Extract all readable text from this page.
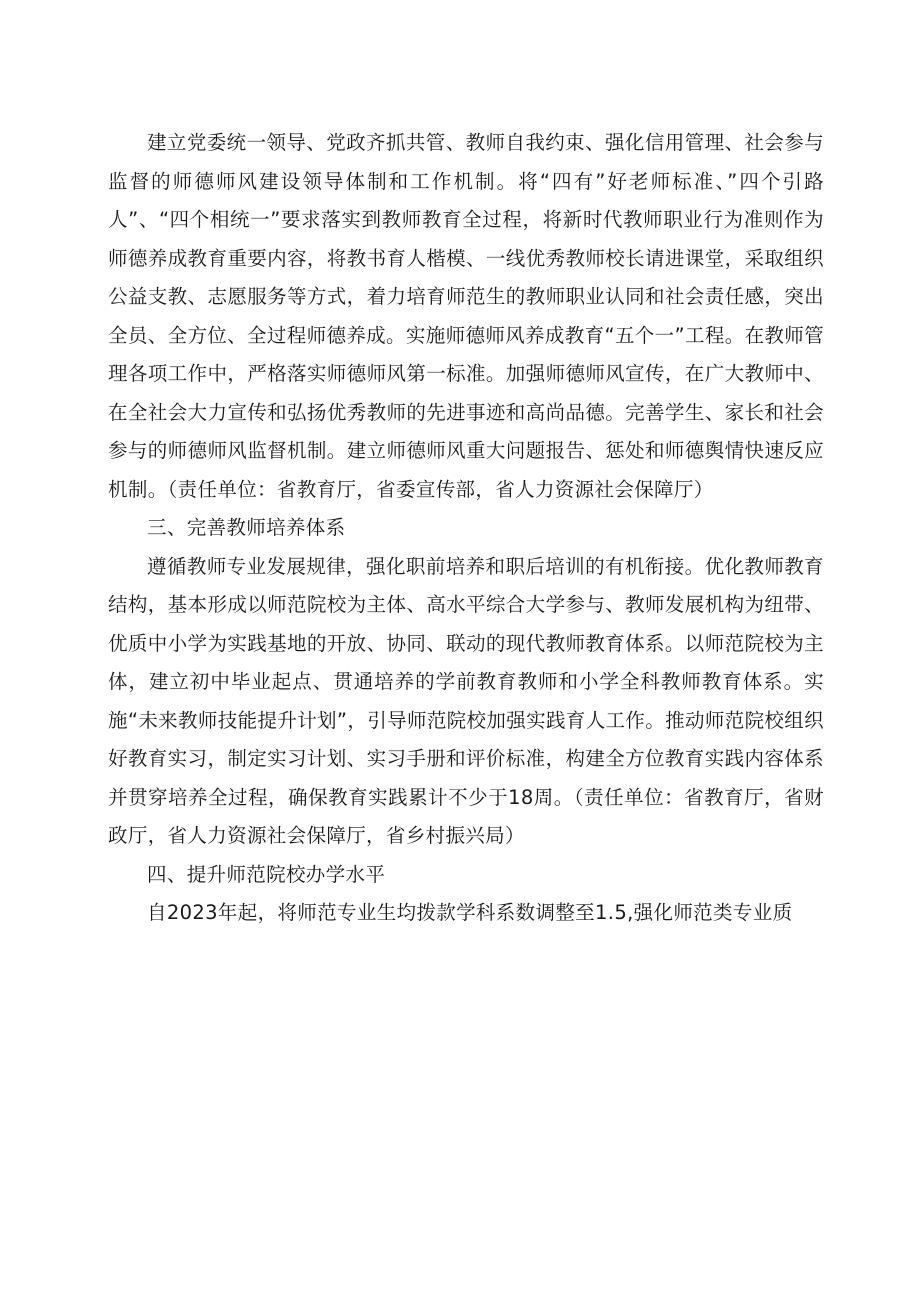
建立党委统一领导、党政齐抓共管、教师自我约束、强化信用管理、社会参与监督的师德师风建设领导体制和工作机制。将“四有”好老师标准、”四个引路人”、“四个相统一”要求落实到教师教育全过程，将新时代教师职业行为准则作为师德养成教育重要内容，将教书育人楷模、一线优秀教师校长请进课堂，采取组织公益支教、志愿服务等方式，着力培育师范生的教师职业认同和社会责任感，突出全员、全方位、全过程师德养成。实施师德师风养成教育“五个一”工程。在教师管理各项工作中，严格落实师德师风第一标准。加强师德师风宣传，在广大教师中、在全社会大力宣传和弘扬优秀教师的先进事迹和高尚品德。完善学生、家长和社会参与的师德师风监督机制。建立师德师风重大问题报告、惩处和师德舆情快速反应机制。（责任单位：省教育厅，省委宣传部，省人力资源社会保障厅）

三、完善教师培养体系

遵循教师专业发展规律，强化职前培养和职后培训的有机衔接。优化教师教育结构，基本形成以师范院校为主体、高水平综合大学参与、教师发展机构为纽带、优质中小学为实践基地的开放、协同、联动的现代教师教育体系。以师范院校为主体，建立初中毕业起点、贯通培养的学前教育教师和小学全科教师教育体系。实施“未来教师技能提升计划”，引导师范院校加强实践育人工作。推动师范院校组织好教育实习，制定实习计划、实习手册和评价标准，构建全方位教育实践内容体系并贯穿培养全过程，确保教育实践累计不少于18周。（责任单位：省教育厅，省财政厅，省人力资源社会保障厅，省乡村振兴局）

四、提升师范院校办学水平

自2023年起，将师范专业生均拨款学科系数调整至1.5,强化师范类专业质
